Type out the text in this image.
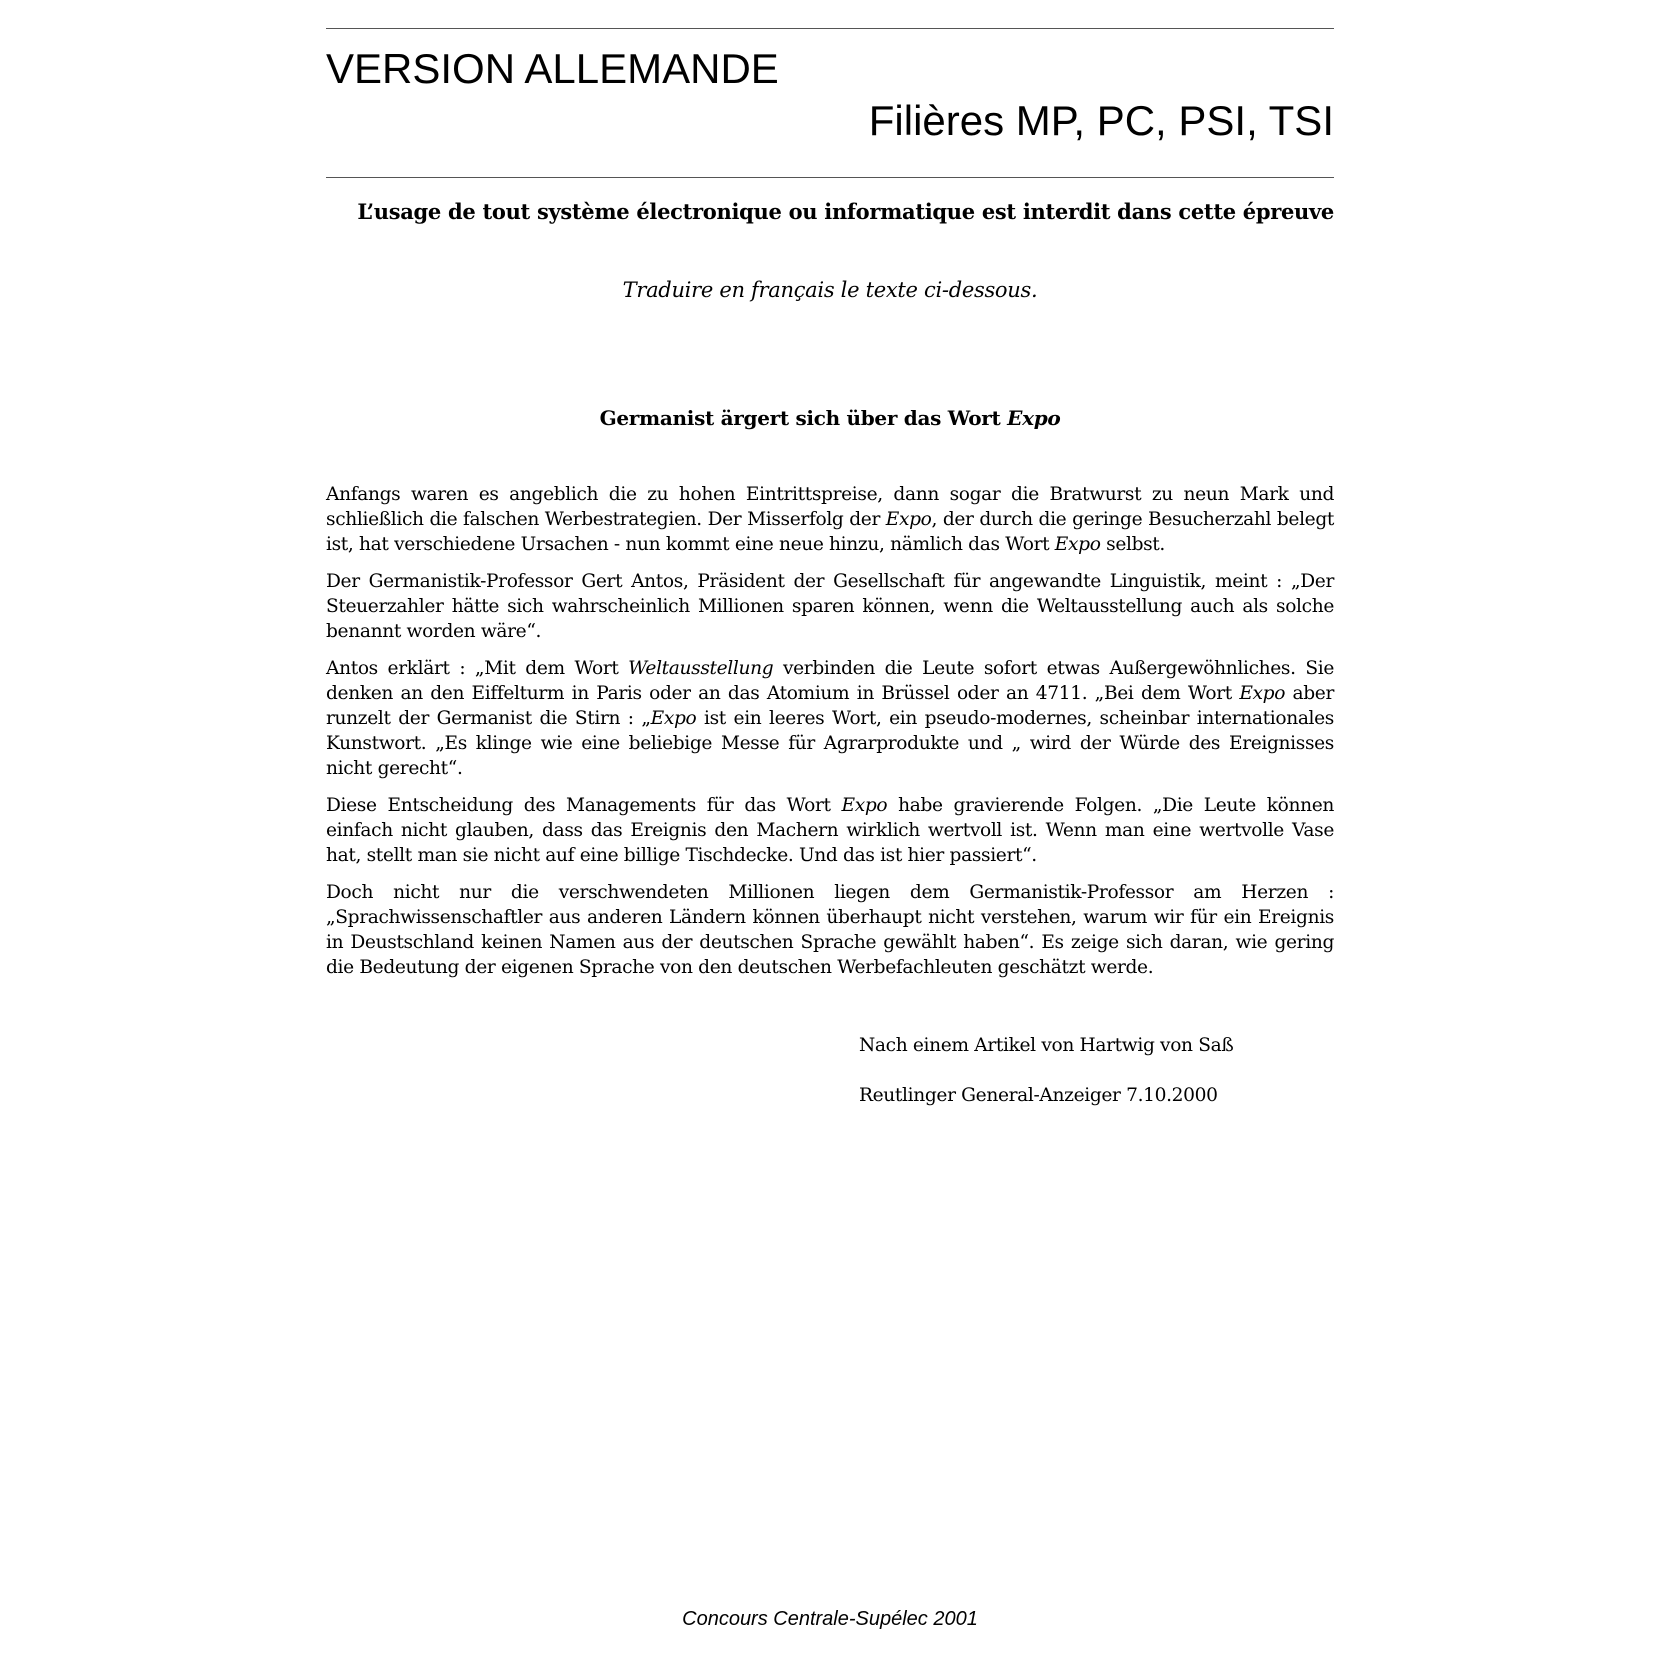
VERSION ALLEMANDE
Filières MP, PC, PSI, TSI
L’usage de tout système électronique ou informatique est interdit dans cette épreuve
Traduire en français le texte ci-dessous.
Germanist ärgert sich über das Wort Expo

Anfangs waren es angeblich die zu hohen Eintrittspreise, dann sogar die Bratwurst zu neun Mark und schließlich die falschen Werbestrategien. Der Misserfolg der Expo, der durch die geringe Besucherzahl belegt ist, hat verschiedene Ursachen - nun kommt eine neue hinzu, nämlich das Wort Expo selbst.

Der Germanistik-Professor Gert Antos, Präsident der Gesellschaft für angewandte Linguistik, meint : „Der Steuerzahler hätte sich wahrscheinlich Millionen sparen können, wenn die Weltausstellung auch als solche benannt worden wäre“.

Antos erklärt : „Mit dem Wort Weltausstellung verbinden die Leute sofort etwas Außergewöhnliches. Sie denken an den Eiffelturm in Paris oder an das Atomium in Brüssel oder an 4711. „Bei dem Wort Expo aber runzelt der Germanist die Stirn : „Expo ist ein leeres Wort, ein pseudo-modernes, scheinbar internationales Kunstwort. „Es klinge wie eine beliebige Messe für Agrarprodukte und „ wird der Würde des Ereignisses nicht gerecht“.

Diese Entscheidung des Managements für das Wort Expo habe gravierende Folgen. „Die Leute können einfach nicht glauben, dass das Ereignis den Machern wirklich wertvoll ist. Wenn man eine wertvolle Vase hat, stellt man sie nicht auf eine billige Tischdecke. Und das ist hier passiert“.

Doch nicht nur die verschwendeten Millionen liegen dem Germanistik-Professor am Herzen : „Sprachwissenschaftler aus anderen Ländern können überhaupt nicht verstehen, warum wir für ein Ereignis in Deustschland keinen Namen aus der deutschen Sprache gewählt haben“. Es zeige sich daran, wie gering die Bedeutung der eigenen Sprache von den deutschen Werbefachleuten geschätzt werde.

Nach einem Artikel von Hartwig von Saß
Reutlinger General-Anzeiger 7.10.2000
Concours Centrale-Supélec 2001
